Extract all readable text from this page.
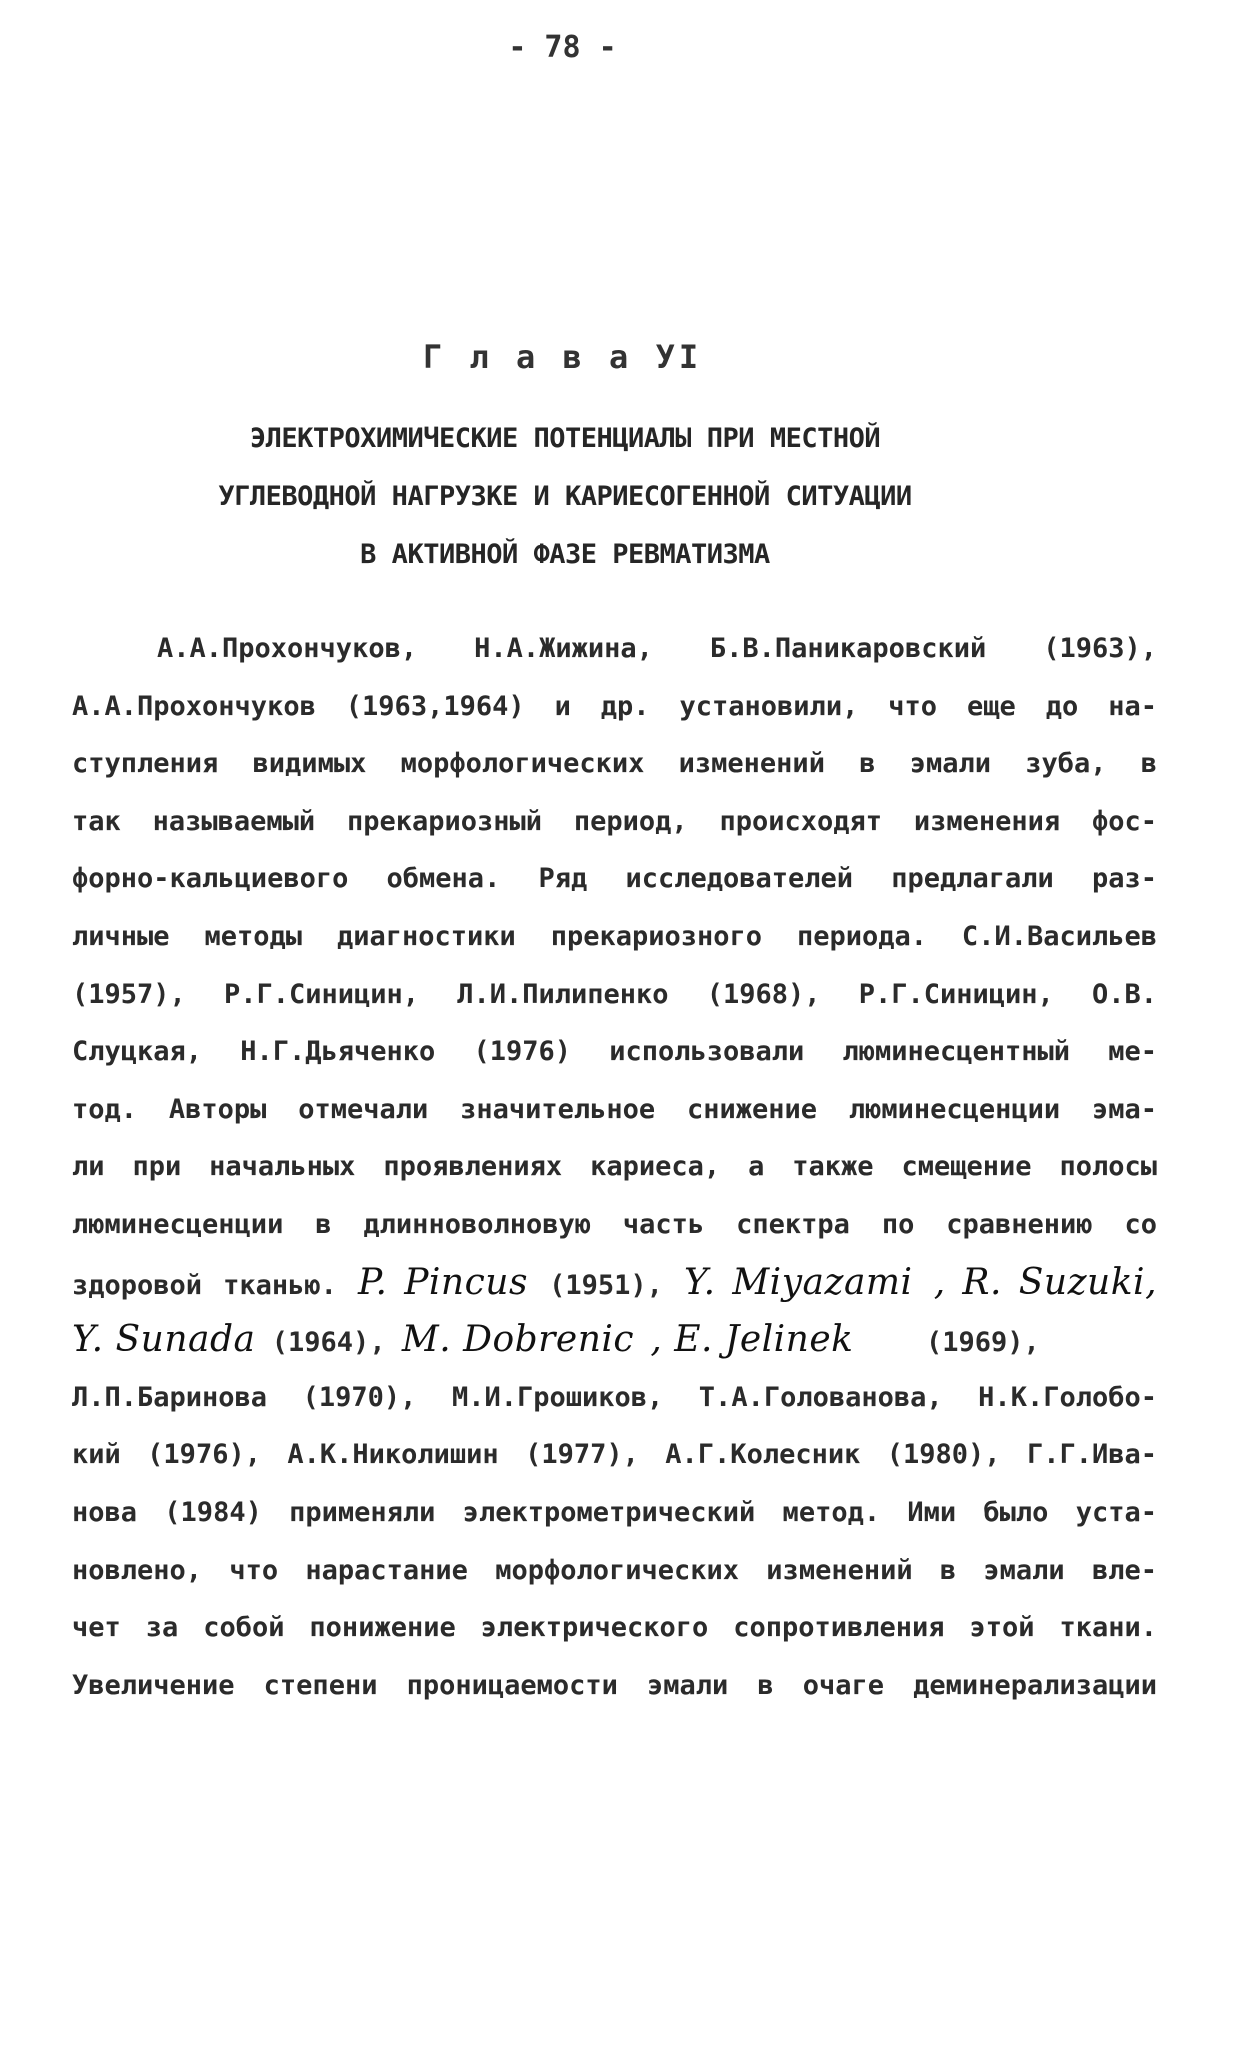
- 78 -
Г л а в а УI
ЭЛЕКТРОХИМИЧЕСКИЕ ПОТЕНЦИАЛЫ ПРИ МЕСТНОЙ
УГЛЕВОДНОЙ НАГРУЗКЕ И КАРИЕСОГЕННОЙ СИТУАЦИИ
В АКТИВНОЙ ФАЗЕ РЕВМАТИЗМА
А.А.Прохончуков, Н.А.Жижина, Б.В.Паникаровский (1963),
А.А.Прохончуков (1963,1964) и др. установили, что еще до на-
ступления видимых морфологических изменений в эмали зуба, в
так называемый прекариозный период, происходят изменения фос-
форно-кальциевого обмена. Ряд исследователей предлагали раз-
личные методы диагностики прекариозного периода. С.И.Васильев
(1957), Р.Г.Синицин, Л.И.Пилипенко (1968), Р.Г.Синицин, О.В.
Слуцкая, Н.Г.Дьяченко (1976) использовали люминесцентный ме-
тод. Авторы отмечали значительное снижение люминесценции эма-
ли при начальных проявлениях кариеса, а также смещение полосы
люминесценции в длинноволновую часть спектра по сравнению со
здоровой тканью. P. Pincus (1951), Y. Miyazami , R. Suzuki,
Y. Sunada (1964), M. Dobrenic , E. Jelinek	(1969),
Л.П.Баринова (1970), М.И.Грошиков, Т.А.Голованова, Н.К.Голобо-
кий (1976), А.К.Николишин (1977), А.Г.Колесник (1980), Г.Г.Ива-
нова (1984) применяли электрометрический метод. Ими было уста-
новлено, что нарастание морфологических изменений в эмали вле-
чет за собой понижение электрического сопротивления этой ткани.
Увеличение степени проницаемости эмали в очаге деминерализации
